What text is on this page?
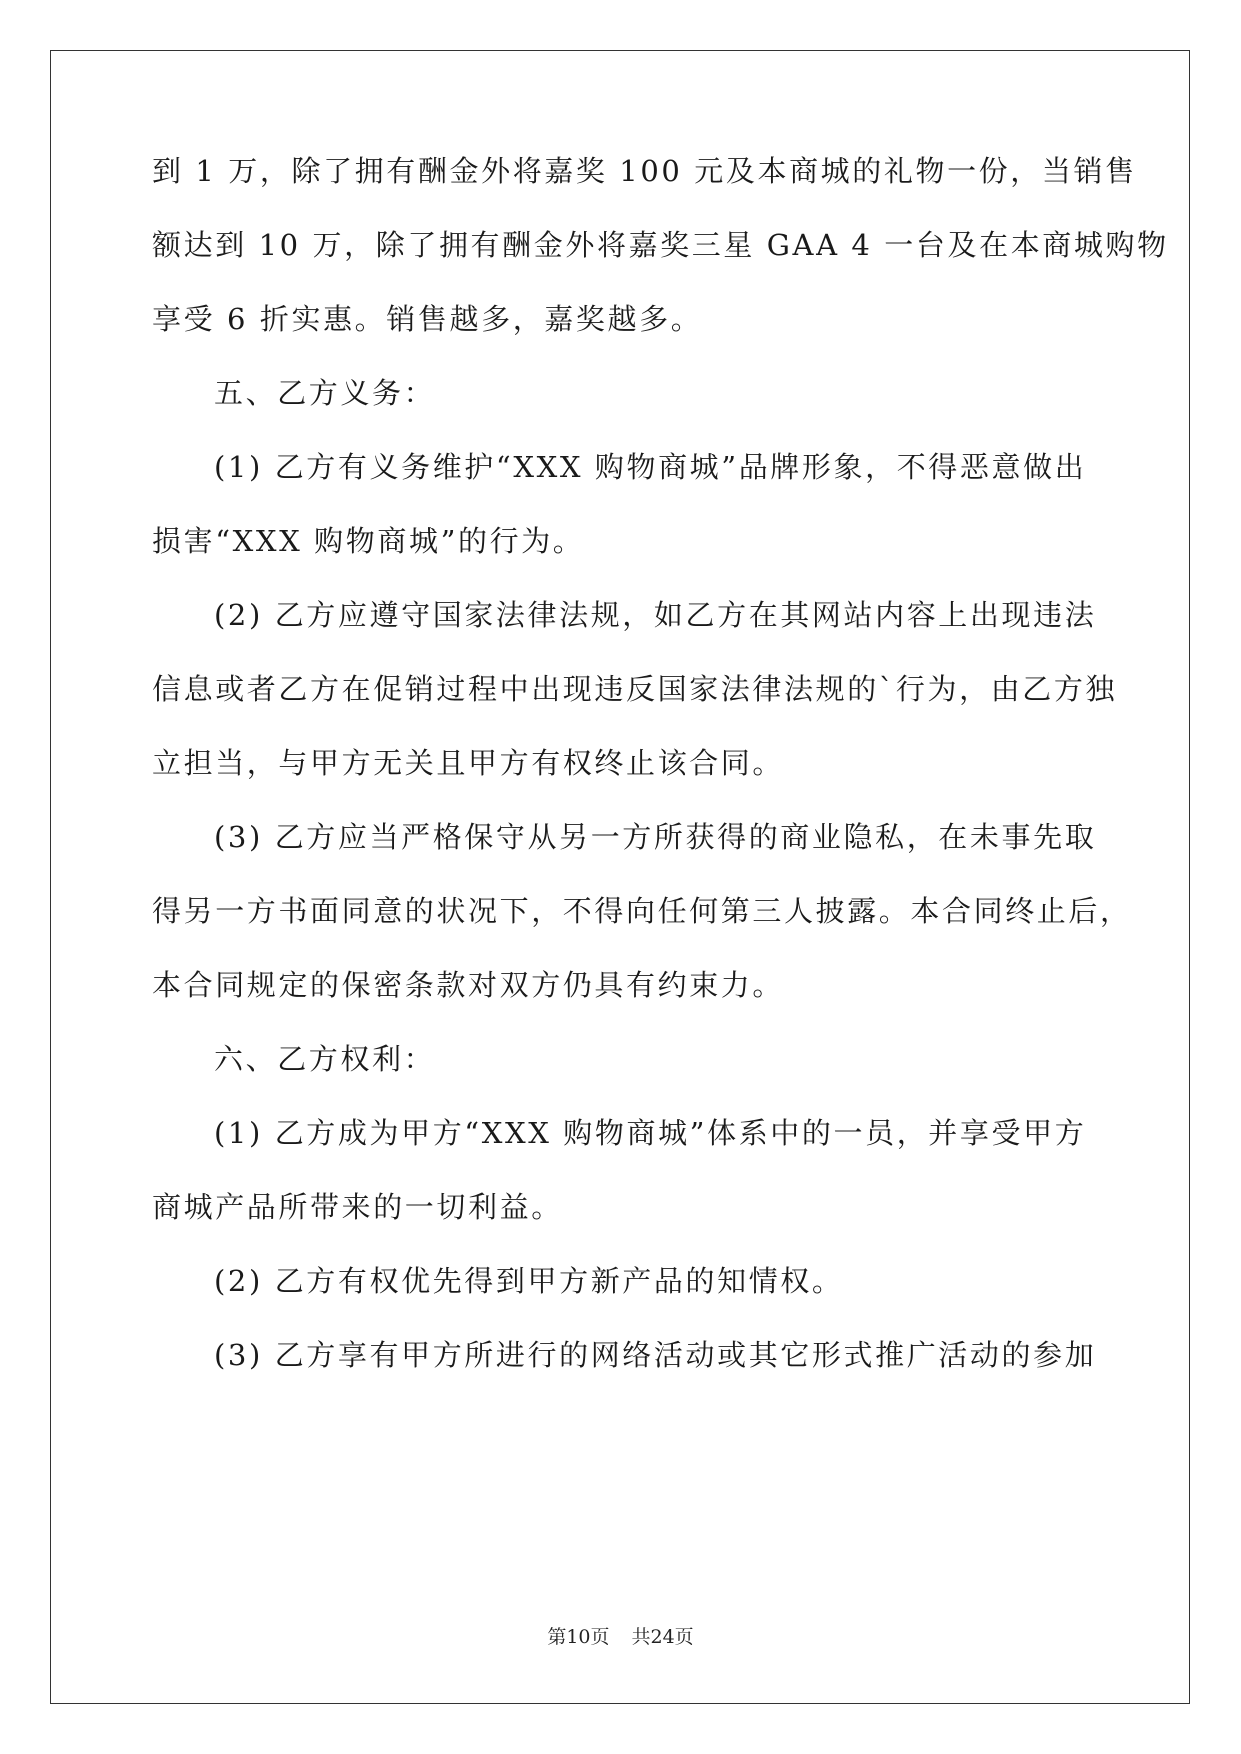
到 1 万，除了拥有酬金外将嘉奖 100 元及本商城的礼物一份，当销售
额达到 10 万，除了拥有酬金外将嘉奖三星 GAA 4 一台及在本商城购物
享受 6 折实惠。销售越多，嘉奖越多。
五、乙方义务：
(1) 乙方有义务维护“XXX 购物商城”品牌形象，不得恶意做出
损害“XXX 购物商城”的行为。
(2) 乙方应遵守国家法律法规，如乙方在其网站内容上出现违法
信息或者乙方在促销过程中出现违反国家法律法规的`行为，由乙方独
立担当，与甲方无关且甲方有权终止该合同。
(3) 乙方应当严格保守从另一方所获得的商业隐私，在未事先取
得另一方书面同意的状况下，不得向任何第三人披露。本合同终止后，
本合同规定的保密条款对双方仍具有约束力。
六、乙方权利：
(1) 乙方成为甲方“XXX 购物商城”体系中的一员，并享受甲方
商城产品所带来的一切利益。
(2) 乙方有权优先得到甲方新产品的知情权。
(3) 乙方享有甲方所进行的网络活动或其它形式推广活动的参加
第10页 共24页
